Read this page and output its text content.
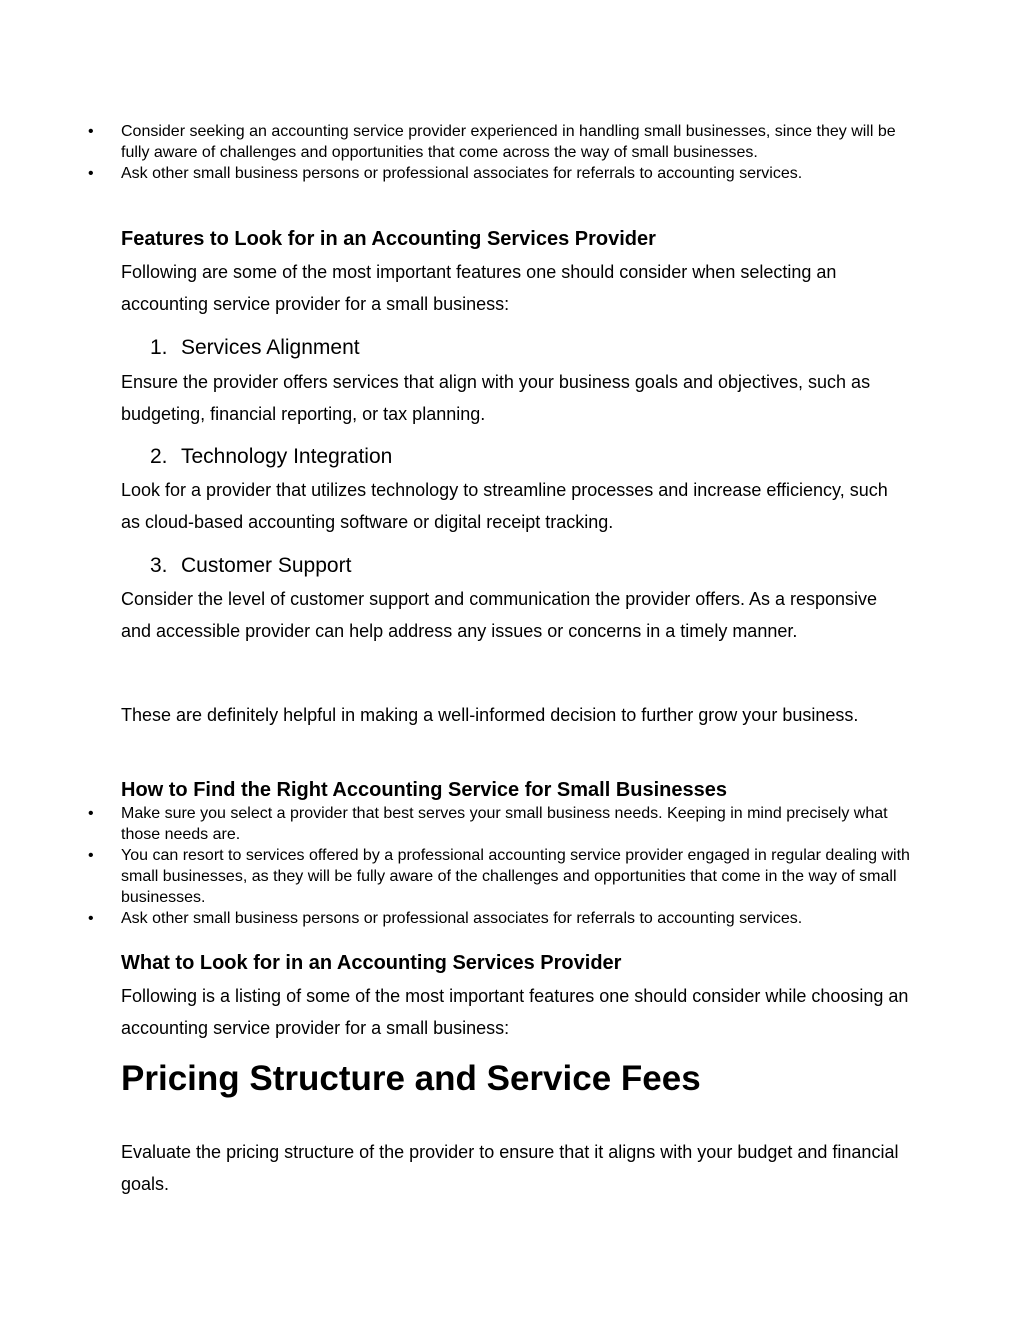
• Consider seeking an accounting service provider experienced in handling small businesses, since they will be fully aware of challenges and opportunities that come across the way of small businesses.
• Ask other small business persons or professional associates for referrals to accounting services.
Features to Look for in an Accounting Services Provider
Following are some of the most important features one should consider when selecting an accounting service provider for a small business:
1. Services Alignment
Ensure the provider offers services that align with your business goals and objectives, such as budgeting, financial reporting, or tax planning.
2. Technology Integration
Look for a provider that utilizes technology to streamline processes and increase efficiency, such as cloud-based accounting software or digital receipt tracking.
3. Customer Support
Consider the level of customer support and communication the provider offers. As a responsive and accessible provider can help address any issues or concerns in a timely manner.
These are definitely helpful in making a well-informed decision to further grow your business.
How to Find the Right Accounting Service for Small Businesses
• Make sure you select a provider that best serves your small business needs. Keeping in mind precisely what those needs are.
• You can resort to services offered by a professional accounting service provider engaged in regular dealing with small businesses, as they will be fully aware of the challenges and opportunities that come in the way of small businesses.
• Ask other small business persons or professional associates for referrals to accounting services.
What to Look for in an Accounting Services Provider
Following is a listing of some of the most important features one should consider while choosing an accounting service provider for a small business:
Pricing Structure and Service Fees
Evaluate the pricing structure of the provider to ensure that it aligns with your budget and financial goals.
